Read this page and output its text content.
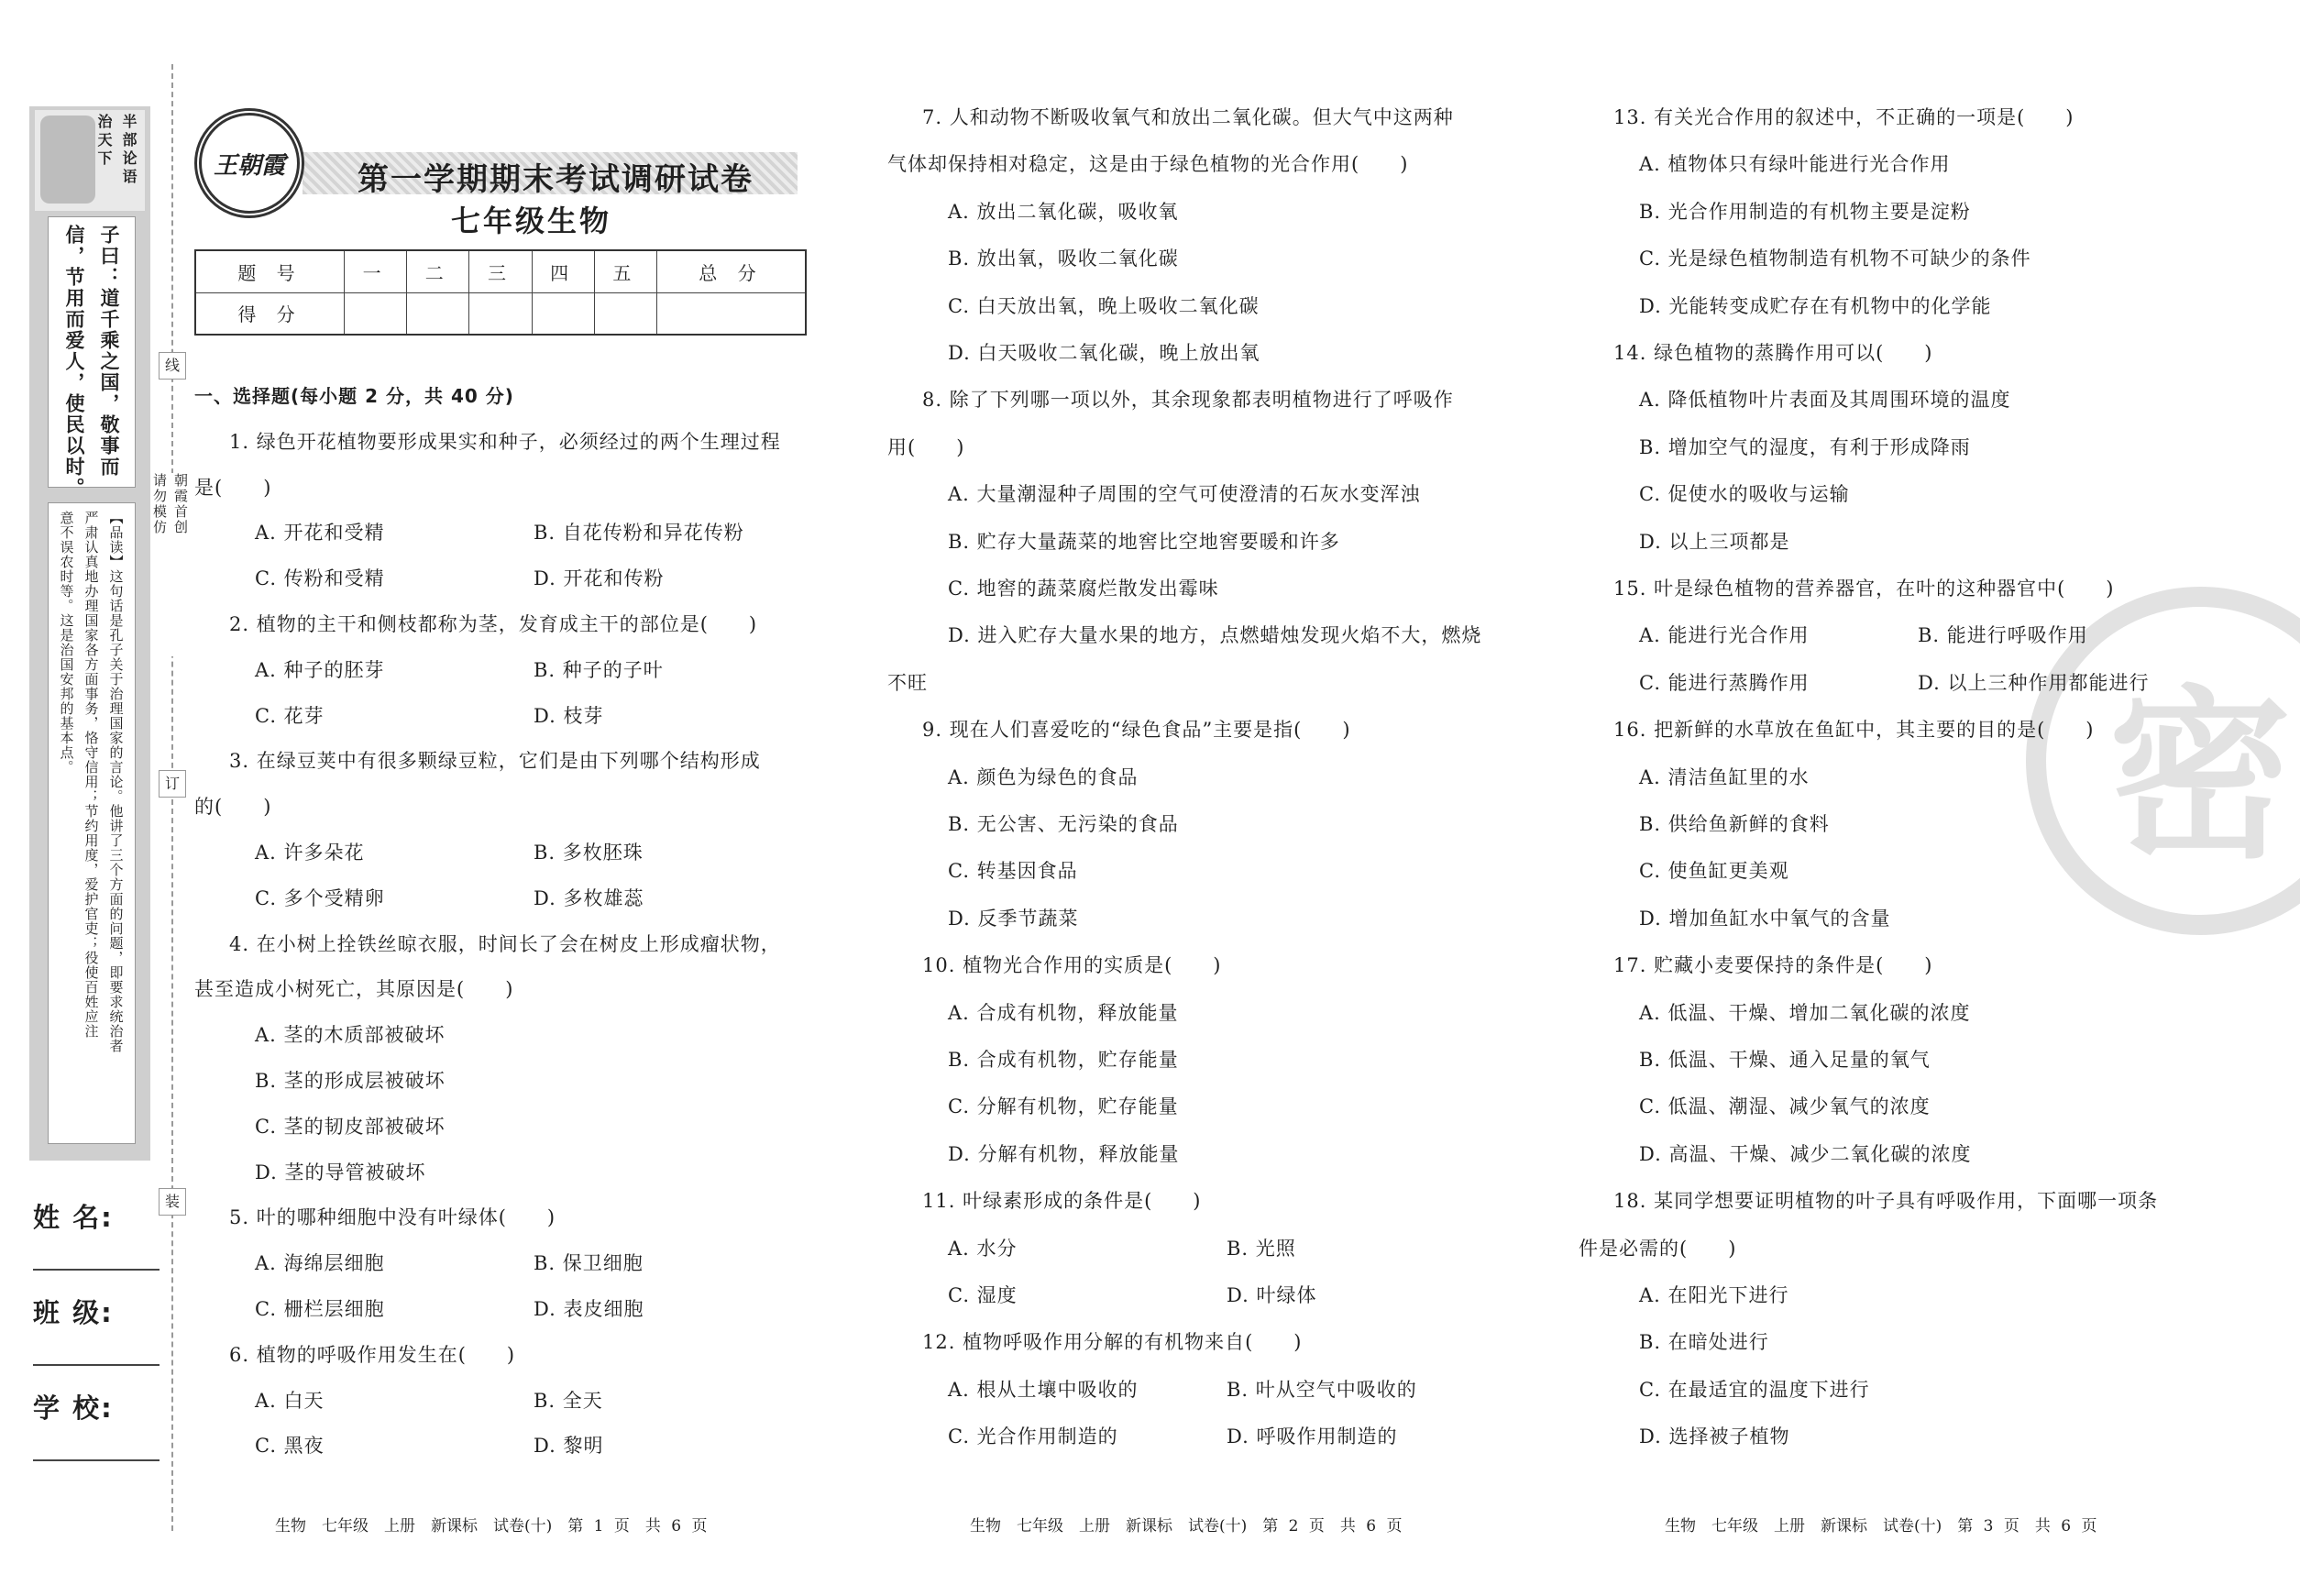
半部论语
治天下
子曰：道千乘之国，敬事而
信，节用而爱人，使民以时。
【品读】这句话是孔子关于治理国家的言论。他讲了三个方面的问题，即要求统治者
严肃认真地办理国家各方面事务，恪守信用；节约用度，爱护官吏；役使百姓应注
意不误农时等。这是治国安邦的基本点。
姓 名:
班 级:
学 校:
线
朝霞首创
请勿模仿
订
装
王朝霞 第一学期期末考试调研试卷
七年级生物
题 号	一	二	三	四	五	总 分
得 分						
密
生物　七年级　上册　新课标　试卷(十)　第 1 页　共 6 页	生物　七年级　上册　新课标　试卷(十)　第 2 页　共 6 页	生物　七年级　上册　新课标　试卷(十)　第 3 页　共 6 页
一、选择题(每小题 2 分，共 40 分)
1. 绿色开花植物要形成果实和种子，必须经过的两个生理过程
是(　　)
A. 开花和受精	B. 自花传粉和异花传粉
C. 传粉和受精	D. 开花和传粉
2. 植物的主干和侧枝都称为茎，发育成主干的部位是(　　)
A. 种子的胚芽	B. 种子的子叶
C. 花芽	D. 枝芽
3. 在绿豆荚中有很多颗绿豆粒，它们是由下列哪个结构形成
的(　　)
A. 许多朵花	B. 多枚胚珠
C. 多个受精卵	D. 多枚雄蕊
4. 在小树上拴铁丝晾衣服，时间长了会在树皮上形成瘤状物，
甚至造成小树死亡，其原因是(　　)
A. 茎的木质部被破坏
B. 茎的形成层被破坏
C. 茎的韧皮部被破坏
D. 茎的导管被破坏
5. 叶的哪种细胞中没有叶绿体(　　)
A. 海绵层细胞	B. 保卫细胞
C. 栅栏层细胞	D. 表皮细胞
6. 植物的呼吸作用发生在(　　)
A. 白天	B. 全天
C. 黑夜	D. 黎明
7. 人和动物不断吸收氧气和放出二氧化碳。但大气中这两种
气体却保持相对稳定，这是由于绿色植物的光合作用(　　)
A. 放出二氧化碳，吸收氧
B. 放出氧，吸收二氧化碳
C. 白天放出氧，晚上吸收二氧化碳
D. 白天吸收二氧化碳，晚上放出氧
8. 除了下列哪一项以外，其余现象都表明植物进行了呼吸作
用(　　)
A. 大量潮湿种子周围的空气可使澄清的石灰水变浑浊
B. 贮存大量蔬菜的地窖比空地窖要暖和许多
C. 地窖的蔬菜腐烂散发出霉味
D. 进入贮存大量水果的地方，点燃蜡烛发现火焰不大，燃烧
不旺
9. 现在人们喜爱吃的“绿色食品”主要是指(　　)
A. 颜色为绿色的食品
B. 无公害、无污染的食品
C. 转基因食品
D. 反季节蔬菜
10. 植物光合作用的实质是(　　)
A. 合成有机物，释放能量
B. 合成有机物，贮存能量
C. 分解有机物，贮存能量
D. 分解有机物，释放能量
11. 叶绿素形成的条件是(　　)
A. 水分	B. 光照
C. 湿度	D. 叶绿体
12. 植物呼吸作用分解的有机物来自(　　)
A. 根从土壤中吸收的	B. 叶从空气中吸收的
C. 光合作用制造的	D. 呼吸作用制造的
13. 有关光合作用的叙述中，不正确的一项是(　　)
A. 植物体只有绿叶能进行光合作用
B. 光合作用制造的有机物主要是淀粉
C. 光是绿色植物制造有机物不可缺少的条件
D. 光能转变成贮存在有机物中的化学能
14. 绿色植物的蒸腾作用可以(　　)
A. 降低植物叶片表面及其周围环境的温度
B. 增加空气的湿度，有利于形成降雨
C. 促使水的吸收与运输
D. 以上三项都是
15. 叶是绿色植物的营养器官，在叶的这种器官中(　　)
A. 能进行光合作用	B. 能进行呼吸作用
C. 能进行蒸腾作用	D. 以上三种作用都能进行
16. 把新鲜的水草放在鱼缸中，其主要的目的是(　　)
A. 清洁鱼缸里的水
B. 供给鱼新鲜的食料
C. 使鱼缸更美观
D. 增加鱼缸水中氧气的含量
17. 贮藏小麦要保持的条件是(　　)
A. 低温、干燥、增加二氧化碳的浓度
B. 低温、干燥、通入足量的氧气
C. 低温、潮湿、减少氧气的浓度
D. 高温、干燥、减少二氧化碳的浓度
18. 某同学想要证明植物的叶子具有呼吸作用，下面哪一项条
件是必需的(　　)
A. 在阳光下进行
B. 在暗处进行
C. 在最适宜的温度下进行
D. 选择被子植物
